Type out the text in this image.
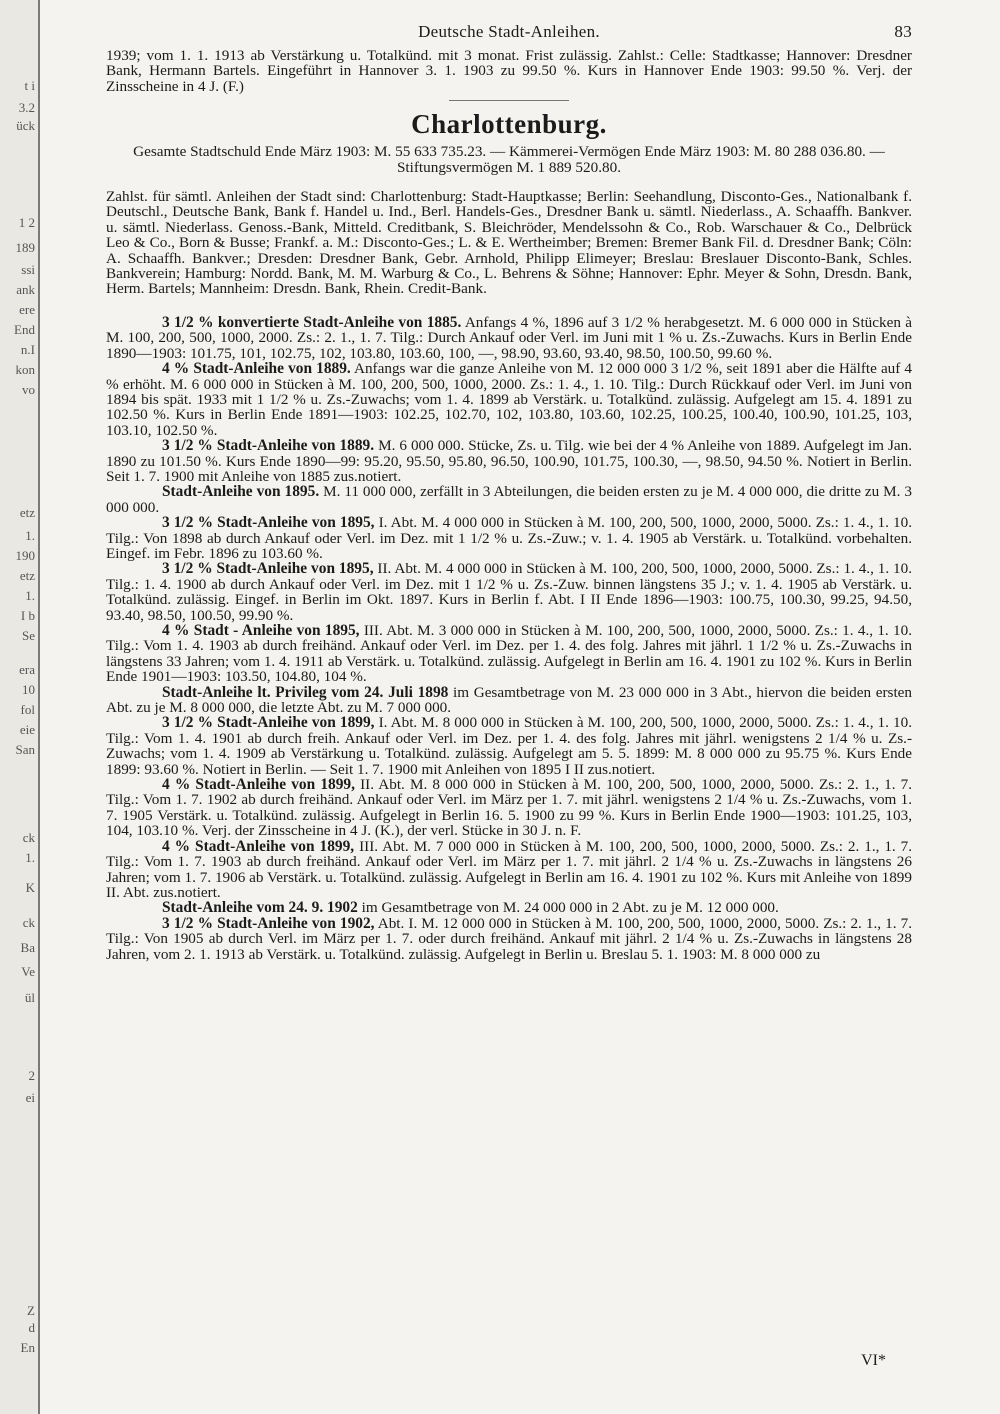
t i
3.2
ück
1 2
189
ssi
ank
ere
End
n.I
kon
vo
etz
1.
190
etz
1.
I b
Se
era
10
fol
eie
San
ck
1.
K
ck
Ba
Ve
ül
2
ei
Z
d
En
Deutsche Stadt-Anleihen.	83

1939; vom 1. 1. 1913 ab Verstärkung u. Totalkünd. mit 3 monat. Frist zulässig. Zahlst.: Celle: Stadtkasse; Hannover: Dresdner Bank, Hermann Bartels. Eingeführt in Hannover 3. 1. 1903 zu 99.50 %. Kurs in Hannover Ende 1903: 99.50 %. Verj. der Zinsscheine in 4 J. (F.)

Charlottenburg.
Gesamte Stadtschuld Ende März 1903: M. 55 633 735.23. — Kämmerei-Vermögen Ende März 1903: M. 80 288 036.80. — Stiftungsvermögen M. 1 889 520.80.

Zahlst. für sämtl. Anleihen der Stadt sind: Charlottenburg: Stadt-Hauptkasse; Berlin: Seehandlung, Disconto-Ges., Nationalbank f. Deutschl., Deutsche Bank, Bank f. Handel u. Ind., Berl. Handels-Ges., Dresdner Bank u. sämtl. Niederlass., A. Schaaffh. Bankver. u. sämtl. Niederlass. Genoss.-Bank, Mitteld. Creditbank, S. Bleichröder, Mendelssohn & Co., Rob. Warschauer & Co., Delbrück Leo & Co., Born & Busse; Frankf. a. M.: Disconto-Ges.; L. & E. Wertheimber; Bremen: Bremer Bank Fil. d. Dresdner Bank; Cöln: A. Schaaffh. Bankver.; Dresden: Dresdner Bank, Gebr. Arnhold, Philipp Elimeyer; Breslau: Breslauer Disconto-Bank, Schles. Bankverein; Hamburg: Nordd. Bank, M. M. Warburg & Co., L. Behrens & Söhne; Hannover: Ephr. Meyer & Sohn, Dresdn. Bank, Herm. Bartels; Mannheim: Dresdn. Bank, Rhein. Credit-Bank.

3 1/2 % konvertierte Stadt-Anleihe von 1885. Anfangs 4 %, 1896 auf 3 1/2 % herabgesetzt. M. 6 000 000 in Stücken à M. 100, 200, 500, 1000, 2000. Zs.: 2. 1., 1. 7. Tilg.: Durch Ankauf oder Verl. im Juni mit 1 % u. Zs.-Zuwachs. Kurs in Berlin Ende 1890—1903: 101.75, 101, 102.75, 102, 103.80, 103.60, 100, —, 98.90, 93.60, 93.40, 98.50, 100.50, 99.60 %.

4 % Stadt-Anleihe von 1889. Anfangs war die ganze Anleihe von M. 12 000 000 3 1/2 %, seit 1891 aber die Hälfte auf 4 % erhöht. M. 6 000 000 in Stücken à M. 100, 200, 500, 1000, 2000. Zs.: 1. 4., 1. 10. Tilg.: Durch Rückkauf oder Verl. im Juni von 1894 bis spät. 1933 mit 1 1/2 % u. Zs.-Zuwachs; vom 1. 4. 1899 ab Verstärk. u. Totalkünd. zulässig. Aufgelegt am 15. 4. 1891 zu 102.50 %. Kurs in Berlin Ende 1891—1903: 102.25, 102.70, 102, 103.80, 103.60, 102.25, 100.25, 100.40, 100.90, 101.25, 103, 103.10, 102.50 %.

3 1/2 % Stadt-Anleihe von 1889. M. 6 000 000. Stücke, Zs. u. Tilg. wie bei der 4 % Anleihe von 1889. Aufgelegt im Jan. 1890 zu 101.50 %. Kurs Ende 1890—99: 95.20, 95.50, 95.80, 96.50, 100.90, 101.75, 100.30, —, 98.50, 94.50 %. Notiert in Berlin. Seit 1. 7. 1900 mit Anleihe von 1885 zus.notiert.

Stadt-Anleihe von 1895. M. 11 000 000, zerfällt in 3 Abteilungen, die beiden ersten zu je M. 4 000 000, die dritte zu M. 3 000 000.

3 1/2 % Stadt-Anleihe von 1895, I. Abt. M. 4 000 000 in Stücken à M. 100, 200, 500, 1000, 2000, 5000. Zs.: 1. 4., 1. 10. Tilg.: Von 1898 ab durch Ankauf oder Verl. im Dez. mit 1 1/2 % u. Zs.-Zuw.; v. 1. 4. 1905 ab Verstärk. u. Totalkünd. vorbehalten. Eingef. im Febr. 1896 zu 103.60 %.

3 1/2 % Stadt-Anleihe von 1895, II. Abt. M. 4 000 000 in Stücken à M. 100, 200, 500, 1000, 2000, 5000. Zs.: 1. 4., 1. 10. Tilg.: 1. 4. 1900 ab durch Ankauf oder Verl. im Dez. mit 1 1/2 % u. Zs.-Zuw. binnen längstens 35 J.; v. 1. 4. 1905 ab Verstärk. u. Totalkünd. zulässig. Eingef. in Berlin im Okt. 1897. Kurs in Berlin f. Abt. I II Ende 1896—1903: 100.75, 100.30, 99.25, 94.50, 93.40, 98.50, 100.50, 99.90 %.

4 % Stadt - Anleihe von 1895, III. Abt. M. 3 000 000 in Stücken à M. 100, 200, 500, 1000, 2000, 5000. Zs.: 1. 4., 1. 10. Tilg.: Vom 1. 4. 1903 ab durch freihänd. Ankauf oder Verl. im Dez. per 1. 4. des folg. Jahres mit jährl. 1 1/2 % u. Zs.-Zuwachs in längstens 33 Jahren; vom 1. 4. 1911 ab Verstärk. u. Totalkünd. zulässig. Aufgelegt in Berlin am 16. 4. 1901 zu 102 %. Kurs in Berlin Ende 1901—1903: 103.50, 104.80, 104 %.

Stadt-Anleihe lt. Privileg vom 24. Juli 1898 im Gesamtbetrage von M. 23 000 000 in 3 Abt., hiervon die beiden ersten Abt. zu je M. 8 000 000, die letzte Abt. zu M. 7 000 000.

3 1/2 % Stadt-Anleihe von 1899, I. Abt. M. 8 000 000 in Stücken à M. 100, 200, 500, 1000, 2000, 5000. Zs.: 1. 4., 1. 10. Tilg.: Vom 1. 4. 1901 ab durch freih. Ankauf oder Verl. im Dez. per 1. 4. des folg. Jahres mit jährl. wenigstens 2 1/4 % u. Zs.-Zuwachs; vom 1. 4. 1909 ab Verstärkung u. Totalkünd. zulässig. Aufgelegt am 5. 5. 1899: M. 8 000 000 zu 95.75 %. Kurs Ende 1899: 93.60 %. Notiert in Berlin. — Seit 1. 7. 1900 mit Anleihen von 1895 I II zus.notiert.

4 % Stadt-Anleihe von 1899, II. Abt. M. 8 000 000 in Stücken à M. 100, 200, 500, 1000, 2000, 5000. Zs.: 2. 1., 1. 7. Tilg.: Vom 1. 7. 1902 ab durch freihänd. Ankauf oder Verl. im März per 1. 7. mit jährl. wenigstens 2 1/4 % u. Zs.-Zuwachs, vom 1. 7. 1905 Verstärk. u. Totalkünd. zulässig. Aufgelegt in Berlin 16. 5. 1900 zu 99 %. Kurs in Berlin Ende 1900—1903: 101.25, 103, 104, 103.10 %. Verj. der Zinsscheine in 4 J. (K.), der verl. Stücke in 30 J. n. F.

4 % Stadt-Anleihe von 1899, III. Abt. M. 7 000 000 in Stücken à M. 100, 200, 500, 1000, 2000, 5000. Zs.: 2. 1., 1. 7. Tilg.: Vom 1. 7. 1903 ab durch freihänd. Ankauf oder Verl. im März per 1. 7. mit jährl. 2 1/4 % u. Zs.-Zuwachs in längstens 26 Jahren; vom 1. 7. 1906 ab Verstärk. u. Totalkünd. zulässig. Aufgelegt in Berlin am 16. 4. 1901 zu 102 %. Kurs mit Anleihe von 1899 II. Abt. zus.notiert.

Stadt-Anleihe vom 24. 9. 1902 im Gesamtbetrage von M. 24 000 000 in 2 Abt. zu je M. 12 000 000.

3 1/2 % Stadt-Anleihe von 1902, Abt. I. M. 12 000 000 in Stücken à M. 100, 200, 500, 1000, 2000, 5000. Zs.: 2. 1., 1. 7. Tilg.: Von 1905 ab durch Verl. im März per 1. 7. oder durch freihänd. Ankauf mit jährl. 2 1/4 % u. Zs.-Zuwachs in längstens 28 Jahren, vom 2. 1. 1913 ab Verstärk. u. Totalkünd. zulässig. Aufgelegt in Berlin u. Breslau 5. 1. 1903: M. 8 000 000 zu

VI*
